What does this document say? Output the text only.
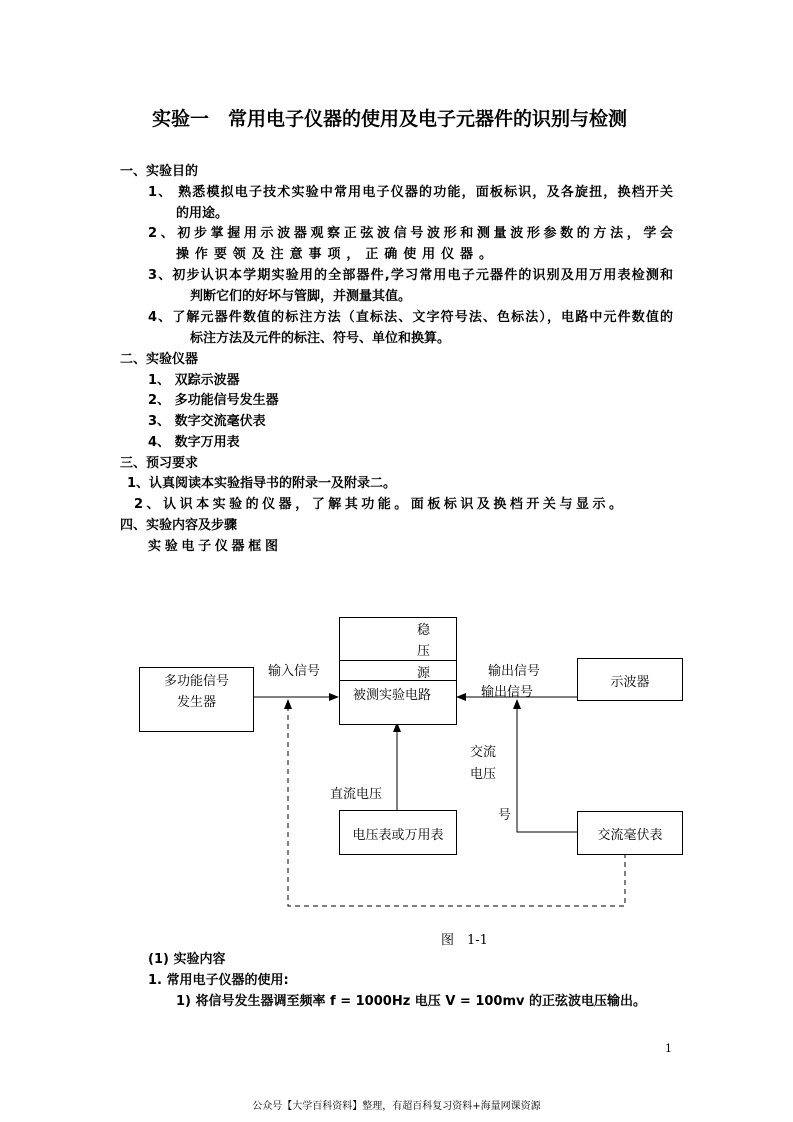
实验一　常用电子仪器的使用及电子元器件的识别与检测
一、实验目的
1、 熟悉模拟电子技术实验中常用电子仪器的功能，面板标识，及各旋扭，换档开关
的用途。
2、初步掌握用示波器观察正弦波信号波形和测量波形参数的方法，学会
操作要领及注意事项，正确使用仪器。
3、初步认识本学期实验用的全部器件,学习常用电子元器件的识别及用万用表检测和
判断它们的好坏与管脚，并测量其值。
4、了解元器件数值的标注方法（直标法、文字符号法、色标法），电路中元件数值的
标注方法及元件的标注、符号、单位和换算。
二、实验仪器
1、 双踪示波器
2、 多功能信号发生器
3、 数字交流毫伏表
4、 数字万用表
三、预习要求
1、认真阅读本实验指导书的附录一及附录二。
2、认识本实验的仪器，了解其功能。面板标识及换档开关与显示。
四、实验内容及步骤
实验电子仪器框图
稳
压
源
被测实验电路
多功能信号
发生器
示波器
电压表或万用表	交流毫伏表
输入信号	输出信号
输出信号
直流电压
交流
电压
号
图　1-1
(1) 实验内容
1. 常用电子仪器的使用:
1) 将信号发生器调至频率 f = 1000Hz 电压 V = 100mv 的正弦波电压输出。
1
公众号【大学百科资料】整理，有超百科复习资料+海量网课资源
